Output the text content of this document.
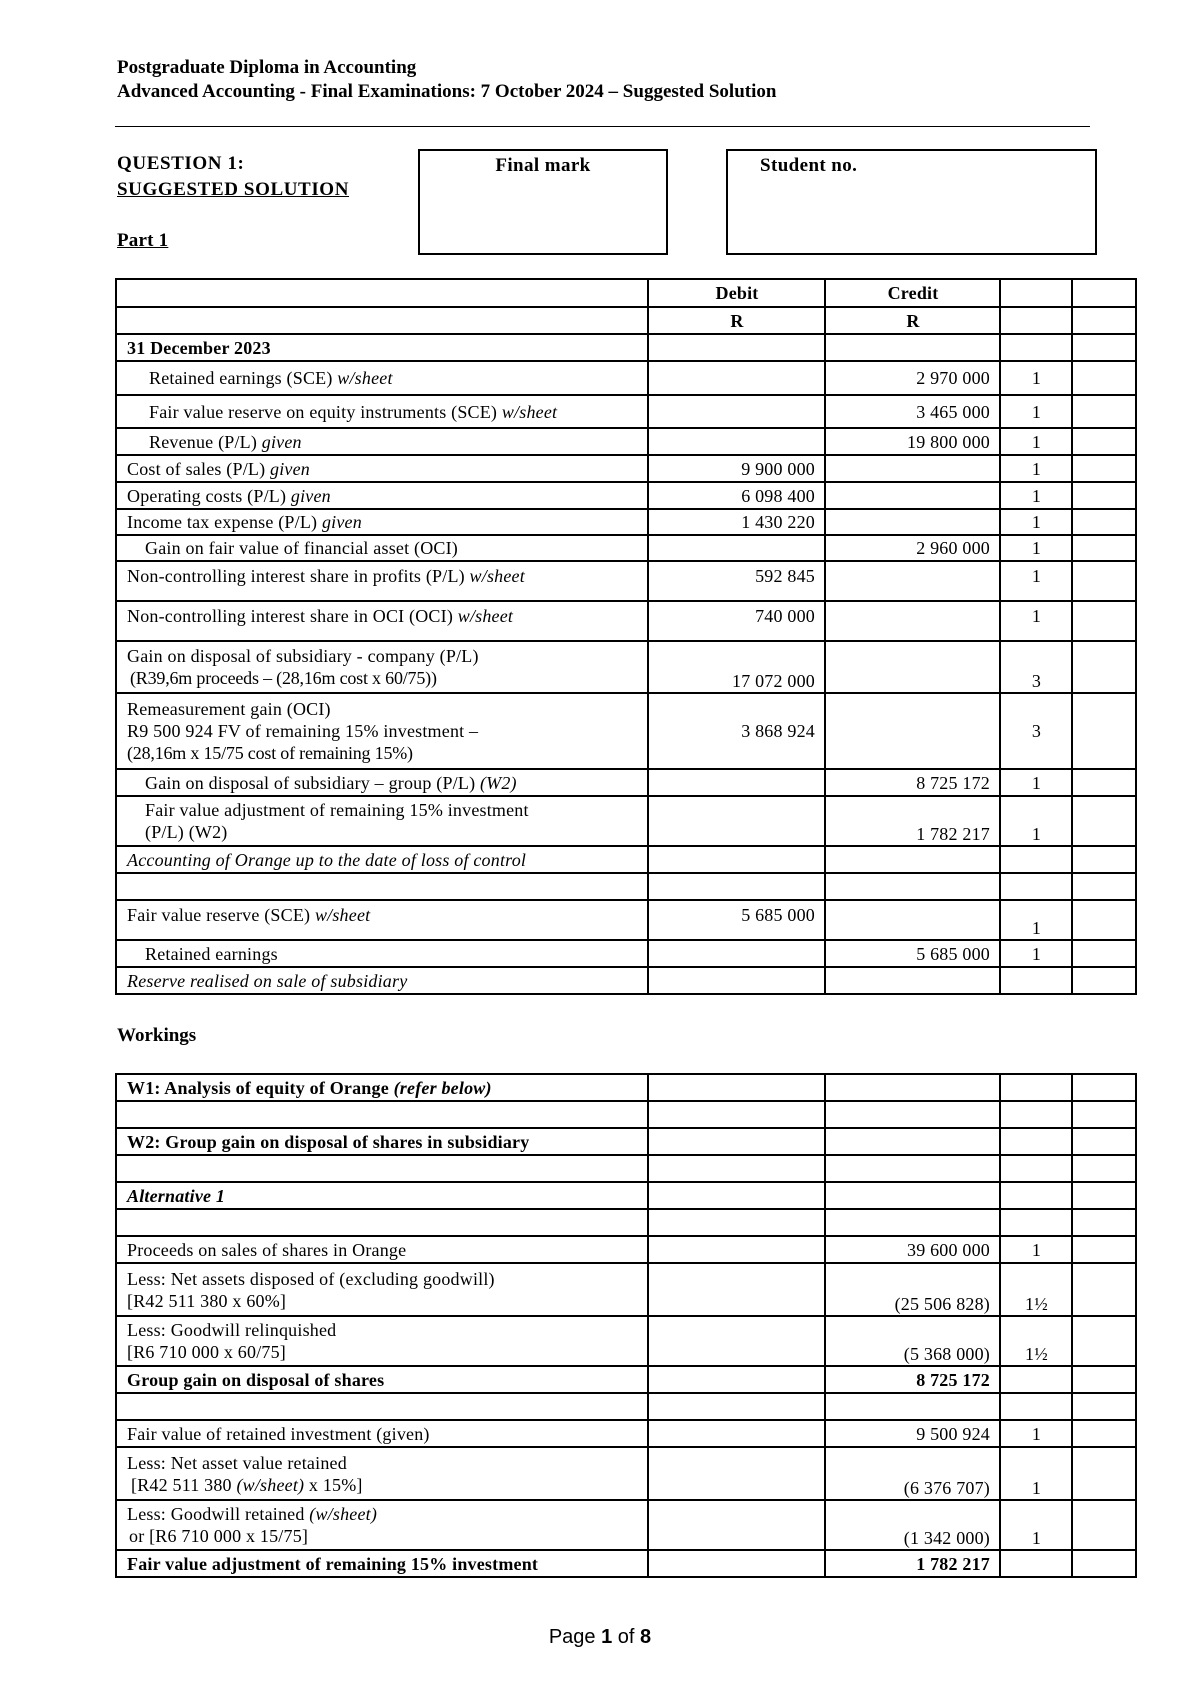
Postgraduate Diploma in Accounting
Advanced Accounting - Final Examinations: 7 October 2024 – Suggested Solution
QUESTION 1:
SUGGESTED SOLUTION
Part 1
Final mark	Student no.
	Debit	Credit		
	R	R		
31 December 2023				
Retained earnings (SCE) w/sheet		2 970 000	1	
Fair value reserve on equity instruments (SCE) w/sheet		3 465 000	1	
Revenue (P/L) given		19 800 000	1	
Cost of sales (P/L) given	9 900 000		1	
Operating costs (P/L) given	6 098 400		1	
Income tax expense (P/L) given	1 430 220		1	
Gain on fair value of financial asset (OCI)		2 960 000	1	
Non-controlling interest share in profits (P/L) w/sheet	592 845		1	
Non-controlling interest share in OCI (OCI) w/sheet	740 000		1	

Gain on disposal of subsidiary - company (P/L)
(R39,6m proceeds – (28,16m cost x 60/75))	17 072 000		3	

Remeasurement gain (OCI)
R9 500 924 FV of remaining 15% investment –
(28,16m x 15/75 cost of remaining 15%)	3 868 924		3	
Gain on disposal of subsidiary – group (P/L) (W2)		8 725 172	1	

Fair value adjustment of remaining 15% investment
(P/L) (W2)		1 782 217	1	
Accounting of Orange up to the date of loss of control				

Fair value reserve (SCE) w/sheet	5 685 000		1	
Retained earnings		5 685 000	1	
Reserve realised on sale of subsidiary				
Workings
W1: Analysis of equity of Orange (refer below)				

W2: Group gain on disposal of shares in subsidiary				

Alternative 1				

Proceeds on sales of shares in Orange		39 600 000	1	

Less: Net assets disposed of (excluding goodwill)
[R42 511 380 x 60%]		(25 506 828)	1½	

Less: Goodwill relinquished
[R6 710 000 x 60/75]		(5 368 000)	1½	
Group gain on disposal of shares		8 725 172		

Fair value of retained investment (given)		9 500 924	1	

Less: Net asset value retained
[R42 511 380 (w/sheet) x 15%]		(6 376 707)	1	

Less: Goodwill retained (w/sheet)
or [R6 710 000 x 15/75]		(1 342 000)	1	
Fair value adjustment of remaining 15% investment		1 782 217		
Page 1 of 8
